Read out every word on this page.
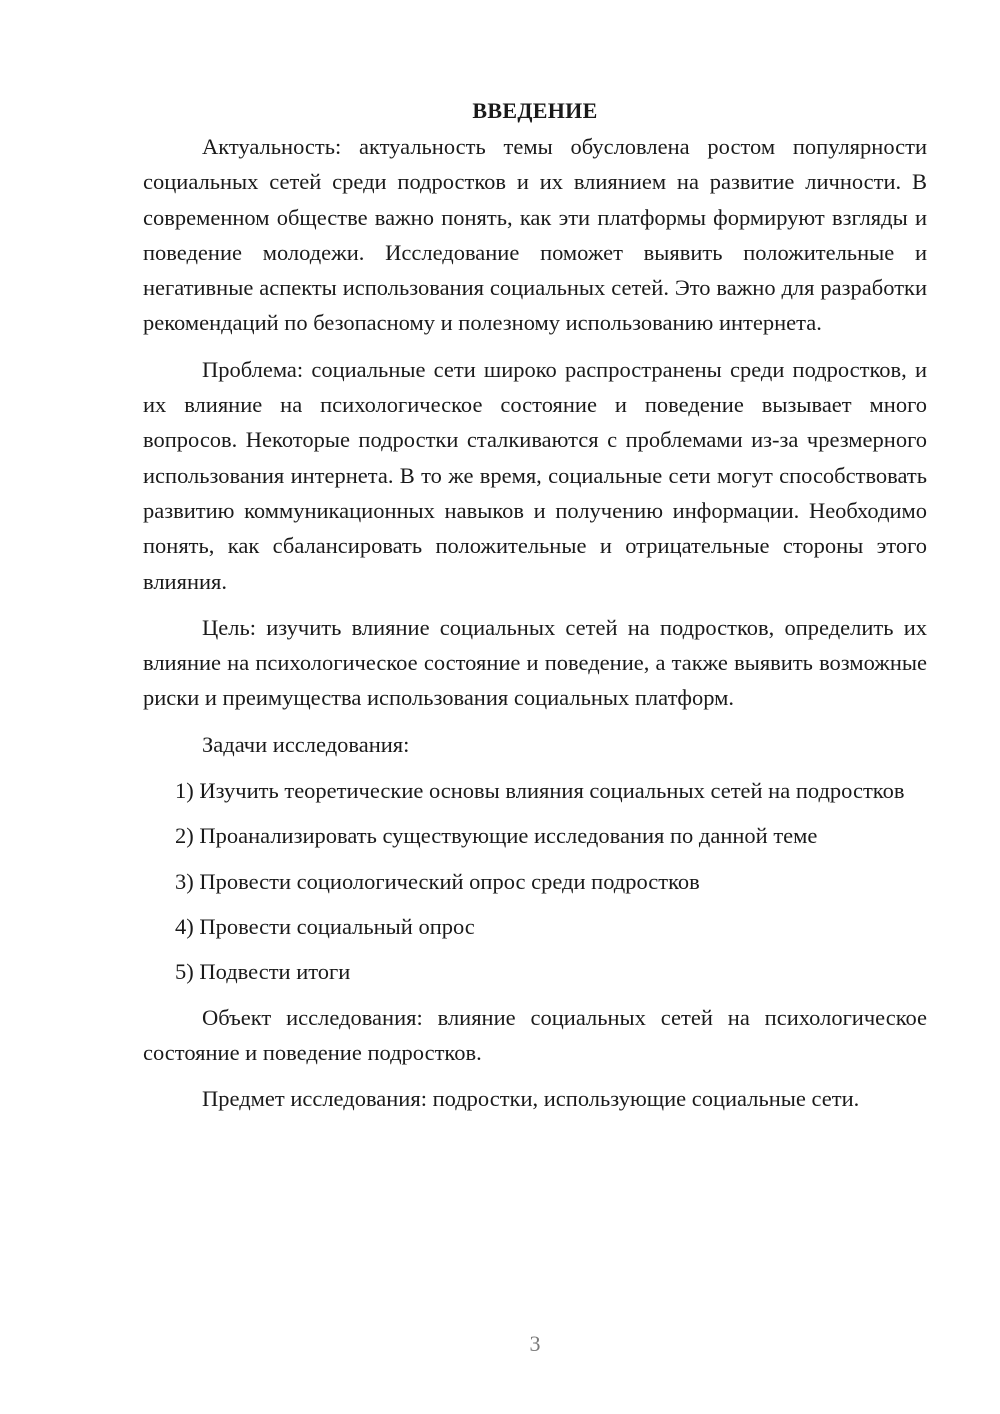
ВВЕДЕНИЕ

Актуальность: актуальность темы обусловлена ростом популярности социальных сетей среди подростков и их влиянием на развитие личности. В современном обществе важно понять, как эти платформы формируют взгляды и поведение молодежи. Исследование поможет выявить положительные и негативные аспекты использования социальных сетей. Это важно для разработки рекомендаций по безопасному и полезному использованию интернета.

Проблема: социальные сети широко распространены среди подростков, и их влияние на психологическое состояние и поведение вызывает много вопросов. Некоторые подростки сталкиваются с проблемами из-за чрезмерного использования интернета. В то же время, социальные сети могут способствовать развитию коммуникационных навыков и получению информации. Необходимо понять, как сбалансировать положительные и отрицательные стороны этого влияния.

Цель: изучить влияние социальных сетей на подростков, определить их влияние на психологическое состояние и поведение, а также выявить возможные риски и преимущества использования социальных платформ.

Задачи исследования:

1) Изучить теоретические основы влияния социальных сетей на подростков

2) Проанализировать существующие исследования по данной теме

3) Провести социологический опрос среди подростков

4) Провести социальный опрос

5) Подвести итоги

Объект исследования: влияние социальных сетей на психологическое состояние и поведение подростков.

Предмет исследования: подростки, использующие социальные сети.

3
